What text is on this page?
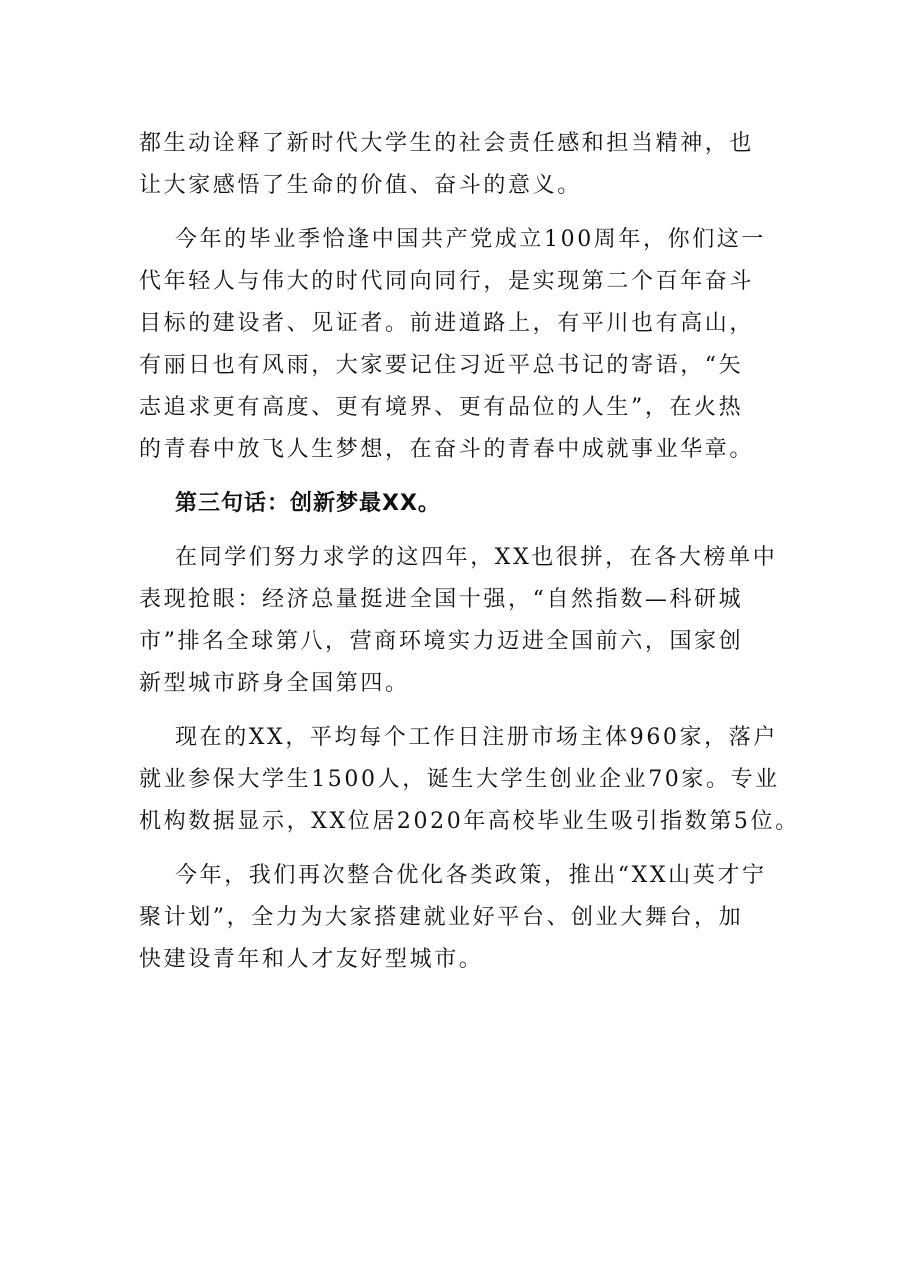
都生动诠释了新时代大学生的社会责任感和担当精神，也
让大家感悟了生命的价值、奋斗的意义。

今年的毕业季恰逢中国共产党成立100周年，你们这一
代年轻人与伟大的时代同向同行，是实现第二个百年奋斗
目标的建设者、见证者。前进道路上，有平川也有高山，
有丽日也有风雨，大家要记住习近平总书记的寄语，“矢
志追求更有高度、更有境界、更有品位的人生”，在火热
的青春中放飞人生梦想，在奋斗的青春中成就事业华章。

第三句话：创新梦最XX。

在同学们努力求学的这四年，XX也很拼，在各大榜单中
表现抢眼：经济总量挺进全国十强，“自然指数—科研城
市”排名全球第八，营商环境实力迈进全国前六，国家创
新型城市跻身全国第四。

现在的XX，平均每个工作日注册市场主体960家，落户
就业参保大学生1500人，诞生大学生创业企业70家。专业
机构数据显示，XX位居2020年高校毕业生吸引指数第5位。

今年，我们再次整合优化各类政策，推出“XX山英才宁
聚计划”，全力为大家搭建就业好平台、创业大舞台，加
快建设青年和人才友好型城市。
